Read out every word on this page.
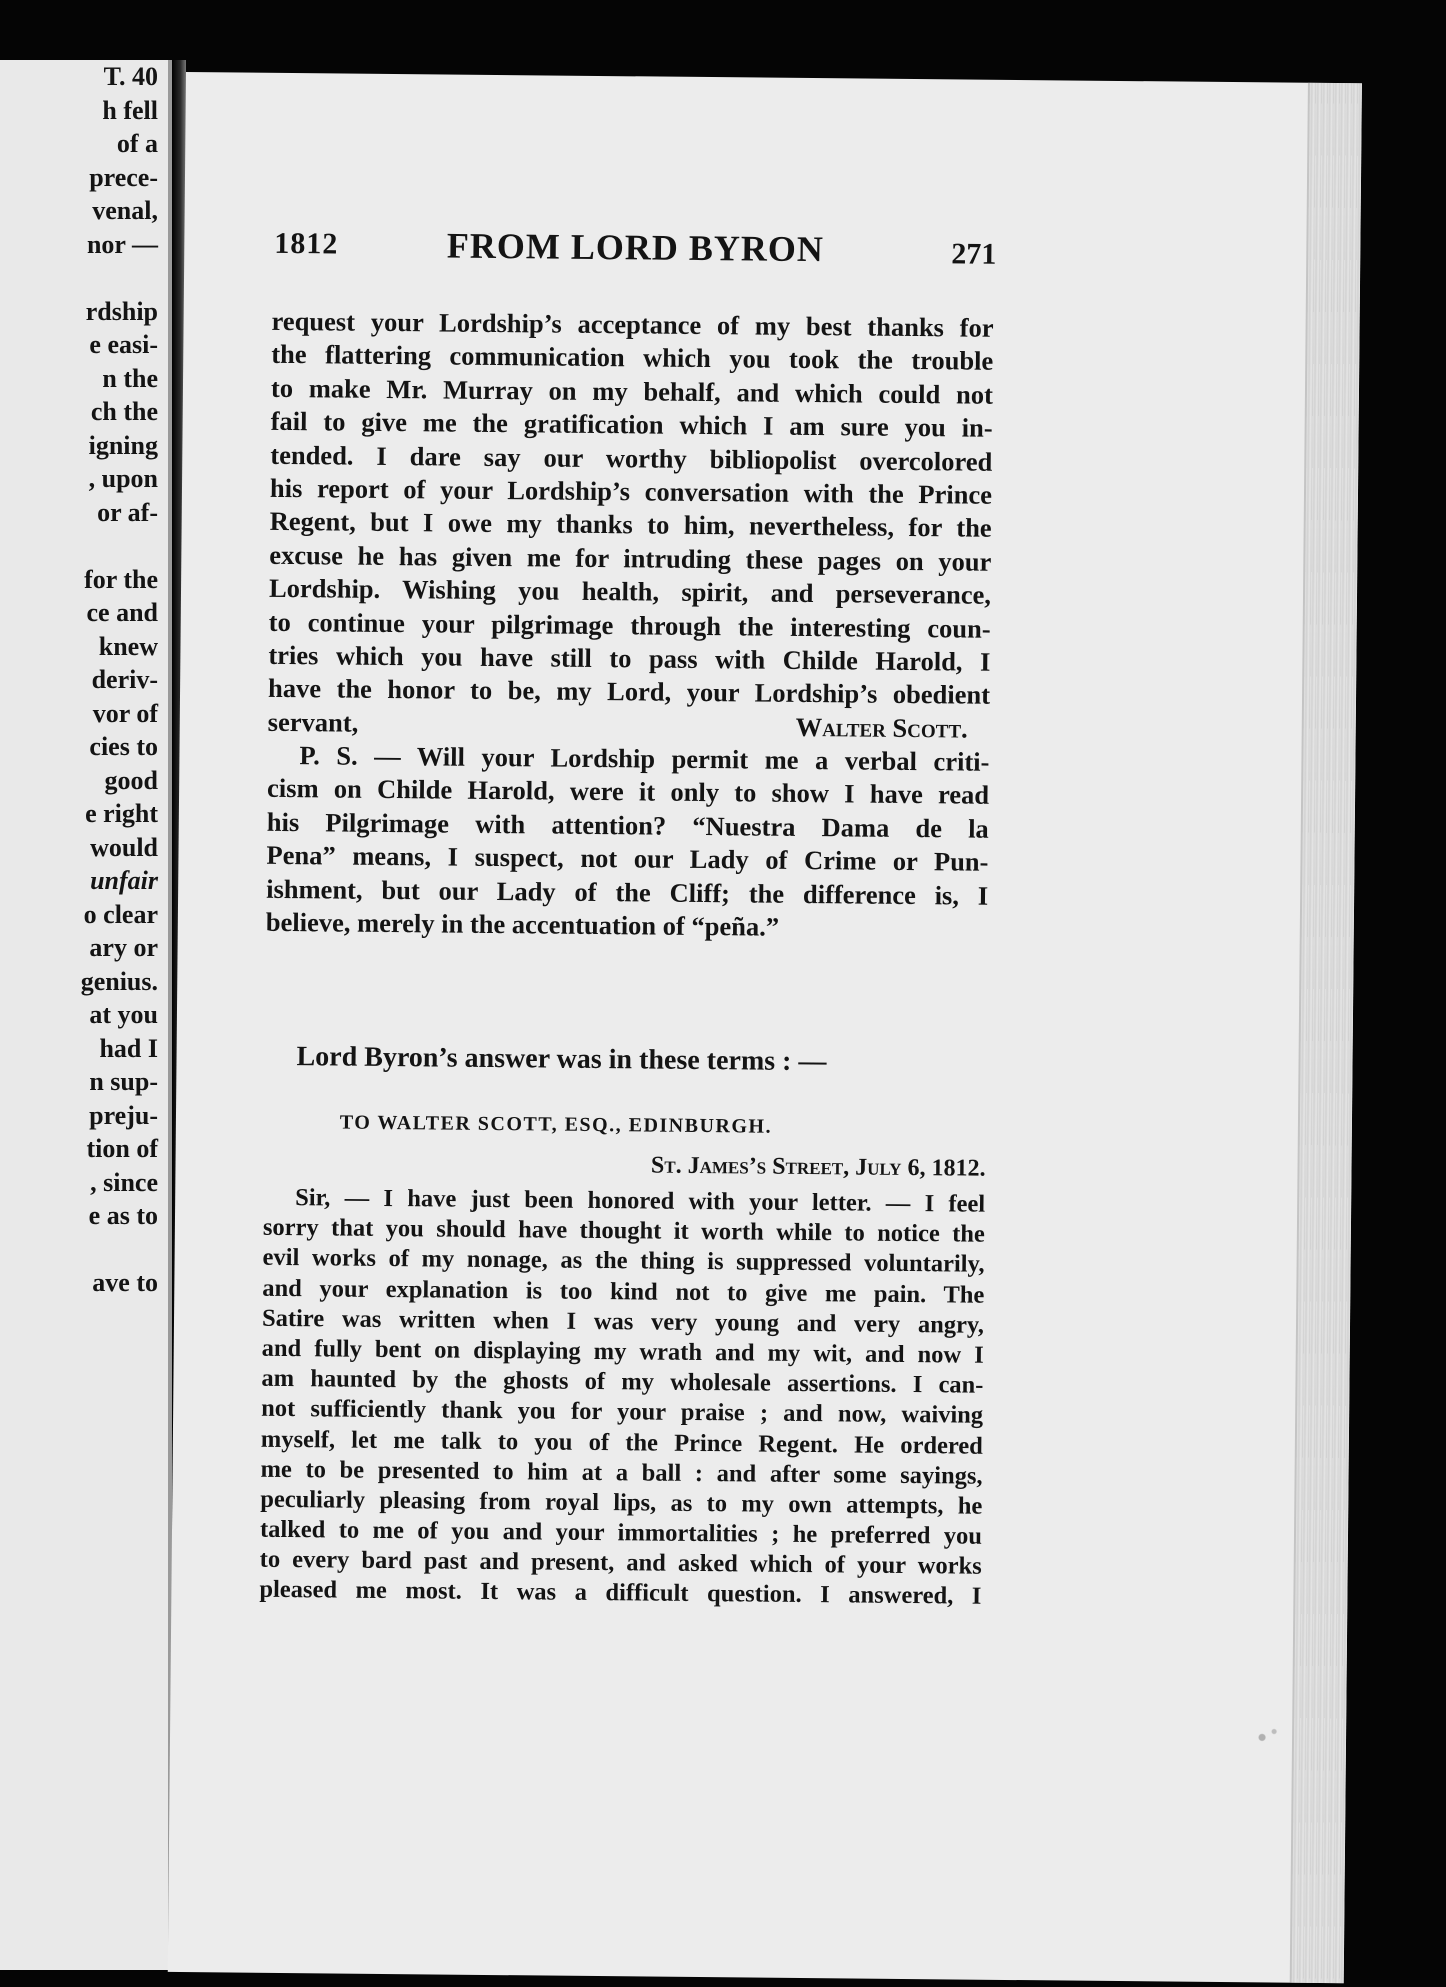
T. 40
h fell
of a
prece-
venal,
nor —
rdship
e easi-
n the
ch the
igning
, upon
or af-
for the
ce and
knew
deriv-
vor of
cies to
good
e right
would
unfair
o clear
ary or
genius.
at you
had I
n sup-
preju-
tion of
, since
e as to
ave to
1812	FROM LORD BYRON	271
request your Lordship’s acceptance of my best thanks for
the flattering communication which you took the trouble
to make Mr. Murray on my behalf, and which could not
fail to give me the gratification which I am sure you in-
tended. I dare say our worthy bibliopolist overcolored
his report of your Lordship’s conversation with the Prince
Regent, but I owe my thanks to him, nevertheless, for the
excuse he has given me for intruding these pages on your
Lordship. Wishing you health, spirit, and perseverance,
to continue your pilgrimage through the interesting coun-
tries which you have still to pass with Childe Harold, I
have the honor to be, my Lord, your Lordship’s obedient
servant,	Walter Scott.
P. S. — Will your Lordship permit me a verbal criti-
cism on Childe Harold, were it only to show I have read
his Pilgrimage with attention? “Nuestra Dama de la
Pena” means, I suspect, not our Lady of Crime or Pun-
ishment, but our Lady of the Cliff; the difference is, I
believe, merely in the accentuation of “peña.”
Lord Byron’s answer was in these terms : —
TO WALTER SCOTT, ESQ., EDINBURGH.
St. James’s Street, July 6, 1812.
Sir, — I have just been honored with your letter. — I feel
sorry that you should have thought it worth while to notice the
evil works of my nonage, as the thing is suppressed voluntarily,
and your explanation is too kind not to give me pain. The
Satire was written when I was very young and very angry,
and fully bent on displaying my wrath and my wit, and now I
am haunted by the ghosts of my wholesale assertions. I can-
not sufficiently thank you for your praise ; and now, waiving
myself, let me talk to you of the Prince Regent. He ordered
me to be presented to him at a ball : and after some sayings,
peculiarly pleasing from royal lips, as to my own attempts, he
talked to me of you and your immortalities ; he preferred you
to every bard past and present, and asked which of your works
pleased me most. It was a difficult question. I answered, I
